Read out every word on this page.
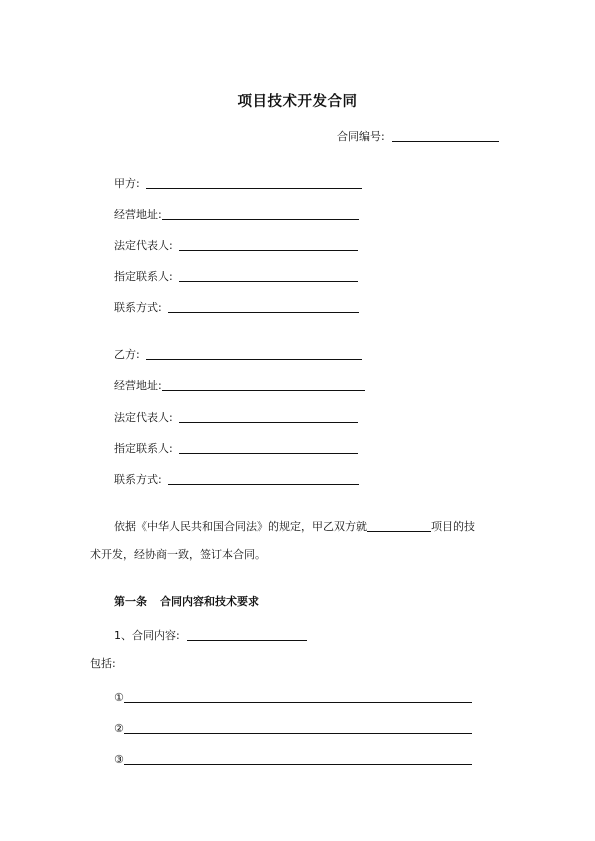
项目技术开发合同
合同编号:
甲方:
经营地址:
法定代表人:
指定联系人:
联系方式:
乙方:
经营地址:
法定代表人:
指定联系人:
联系方式:
依据《中华人民共和国合同法》的规定，甲乙双方就	项目的技
术开发，经协商一致，签订本合同。
第一条 合同内容和技术要求
1、合同内容:
包括:
①
②
③
